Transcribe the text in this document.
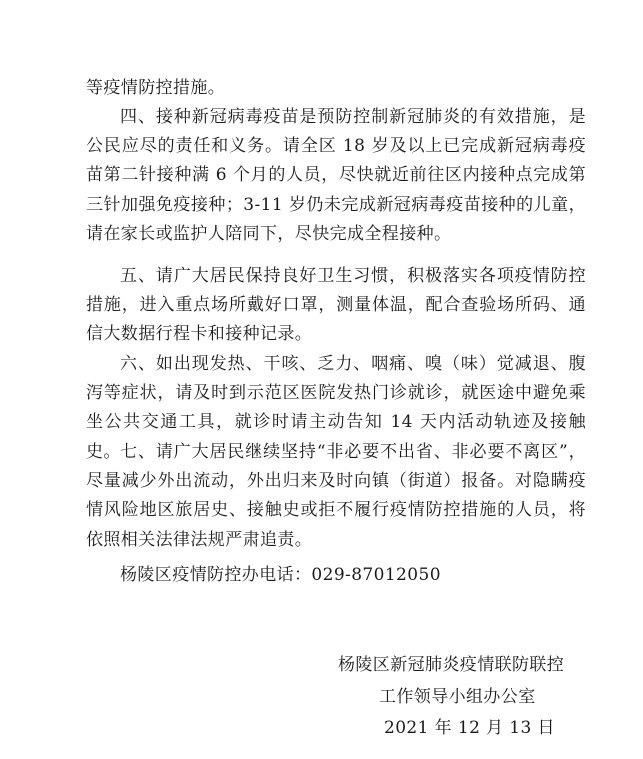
等疫情防控措施。

四、接种新冠病毒疫苗是预防控制新冠肺炎的有效措施，是公民应尽的责任和义务。请全区 18 岁及以上已完成新冠病毒疫苗第二针接种满 6 个月的人员，尽快就近前往区内接种点完成第三针加强免疫接种；3-11 岁仍未完成新冠病毒疫苗接种的儿童，请在家长或监护人陪同下，尽快完成全程接种。

五、请广大居民保持良好卫生习惯，积极落实各项疫情防控措施，进入重点场所戴好口罩，测量体温，配合查验场所码、通信大数据行程卡和接种记录。

六、如出现发热、干咳、乏力、咽痛、嗅（味）觉减退、腹泻等症状，请及时到示范区医院发热门诊就诊，就医途中避免乘坐公共交通工具，就诊时请主动告知 14 天内活动轨迹及接触史。 七、请广大居民继续坚持“非必要不出省、非必要不离区”，尽量减少外出流动，外出归来及时向镇（街道）报备。对隐瞒疫情风险地区旅居史、接触史或拒不履行疫情防控措施的人员，将依照相关法律法规严肃追责。

杨陵区疫情防控办电话：029-87012050

杨陵区新冠肺炎疫情联防联控
工作领导小组办公室
2021 年 12 月 13 日
